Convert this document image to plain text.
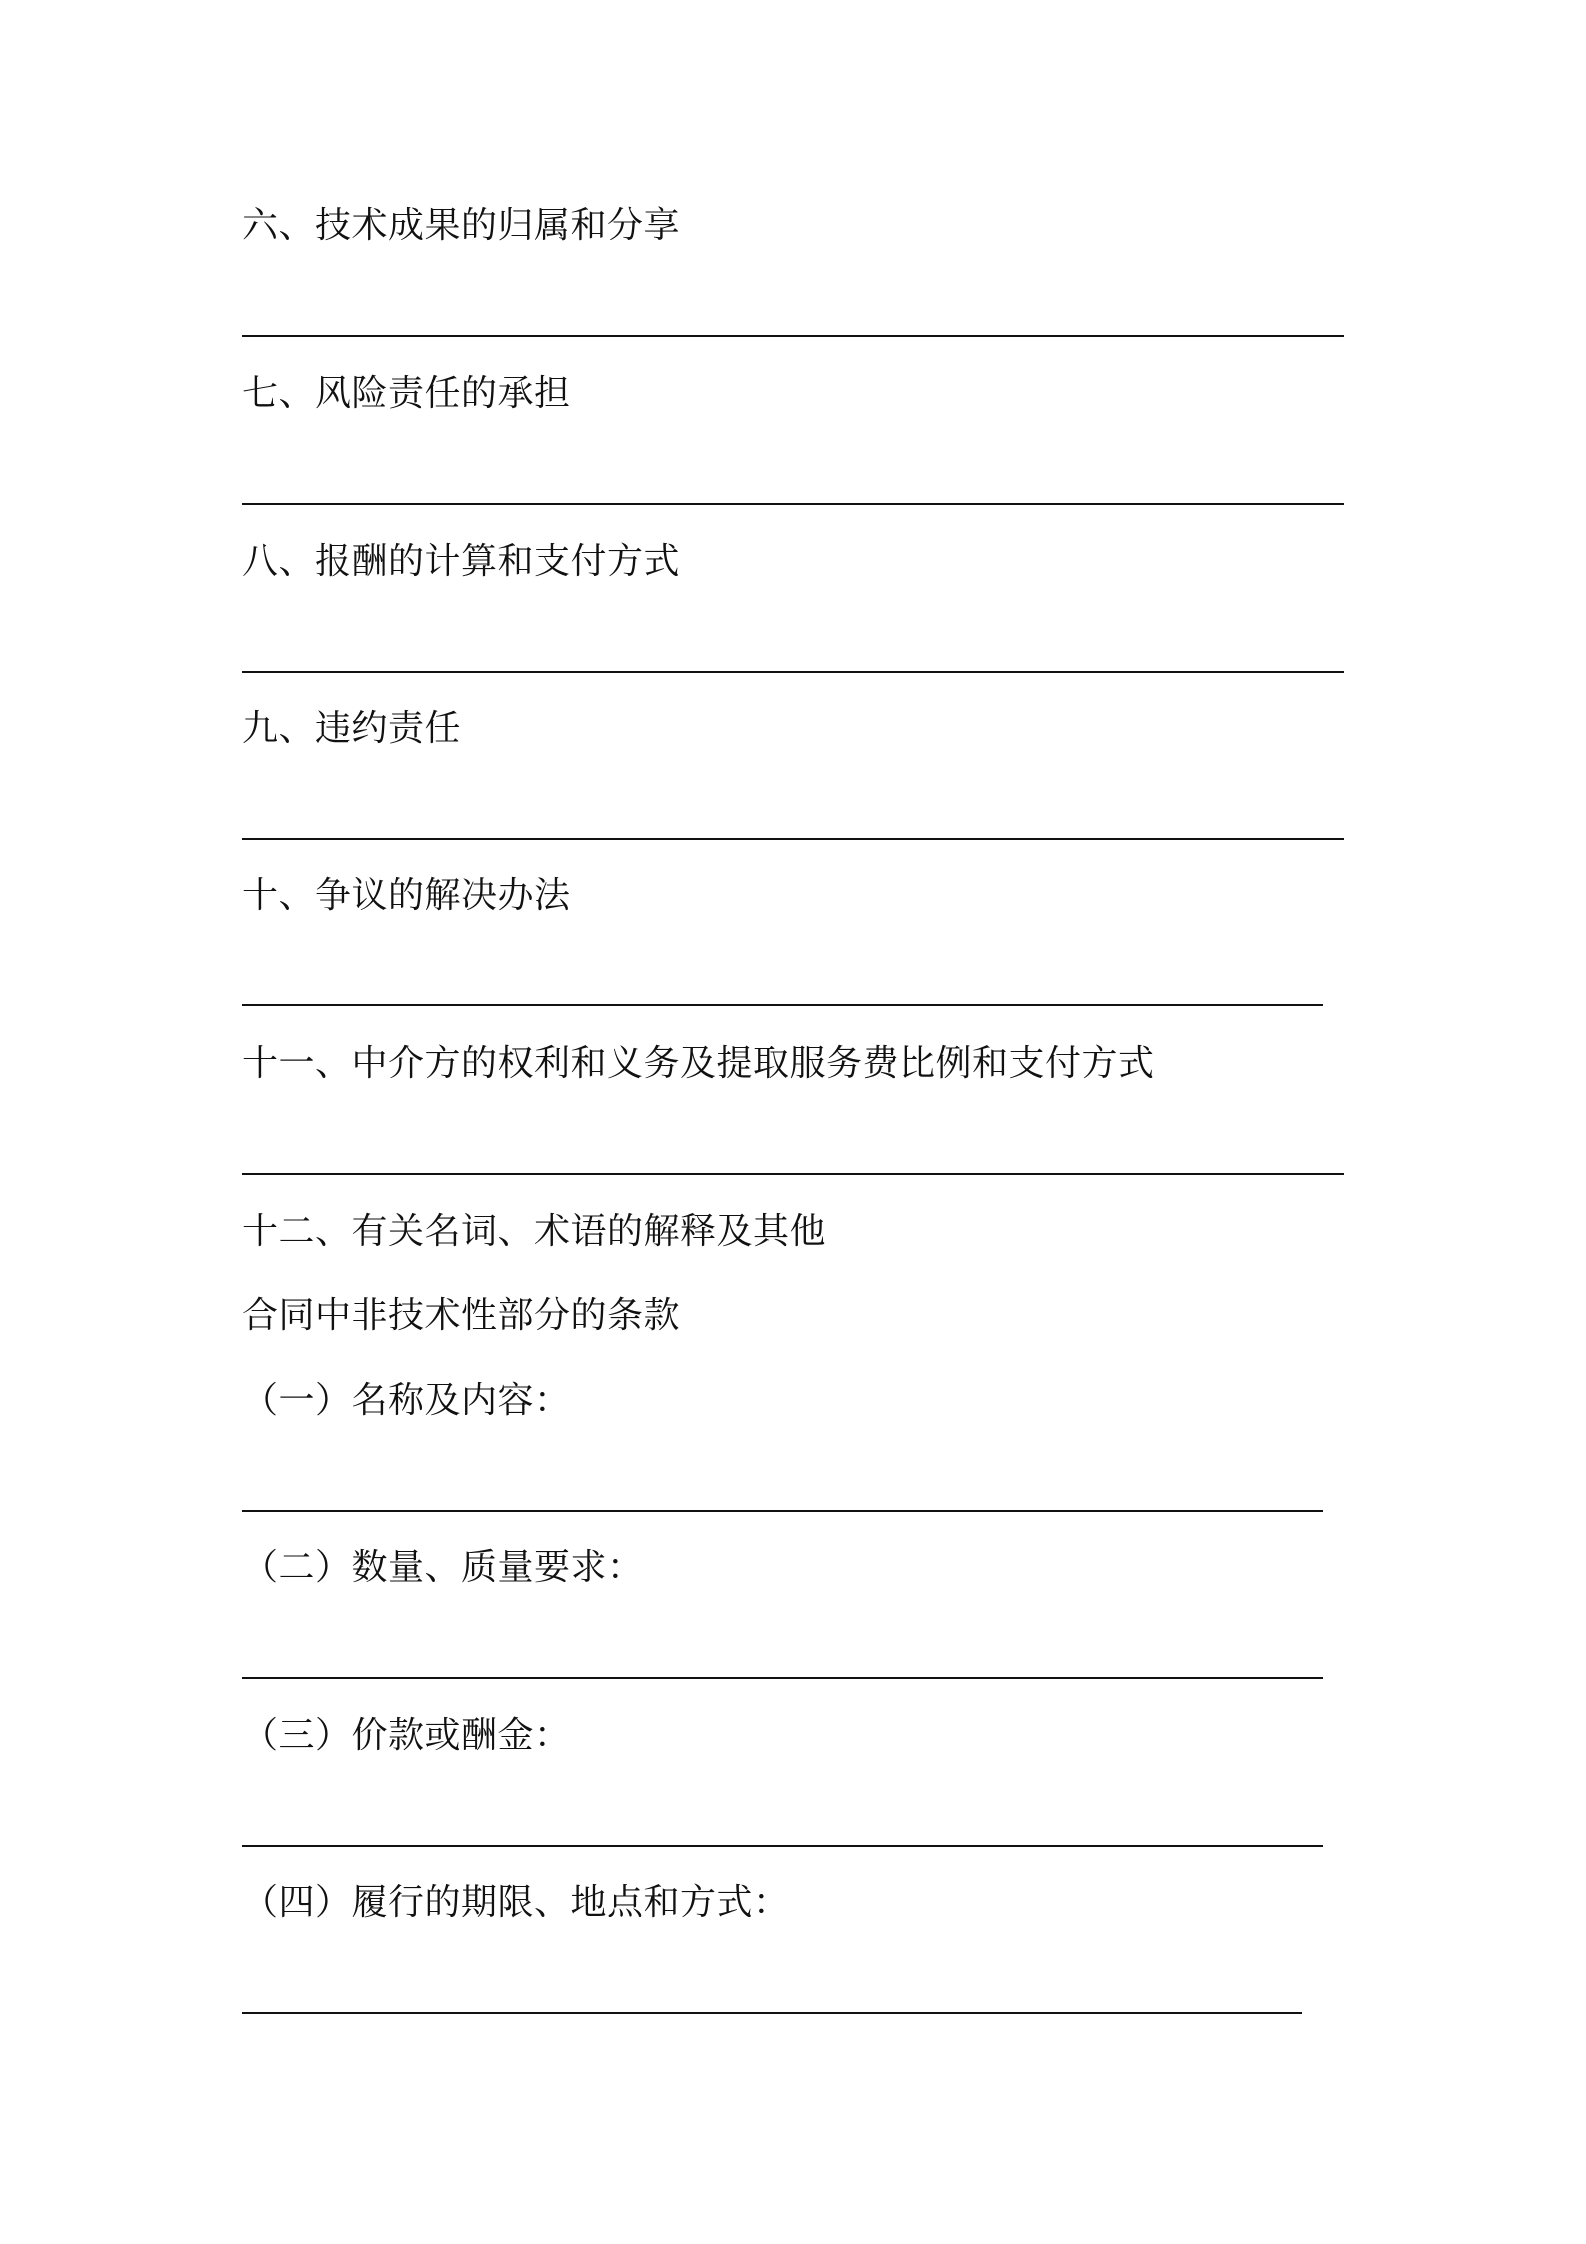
六、技术成果的归属和分享
七、风险责任的承担
八、报酬的计算和支付方式
九、违约责任
十、争议的解决办法
十一、中介方的权利和义务及提取服务费比例和支付方式
十二、有关名词、术语的解释及其他
合同中非技术性部分的条款
（一）名称及内容：
（二）数量、质量要求：
（三）价款或酬金：
（四）履行的期限、地点和方式：
